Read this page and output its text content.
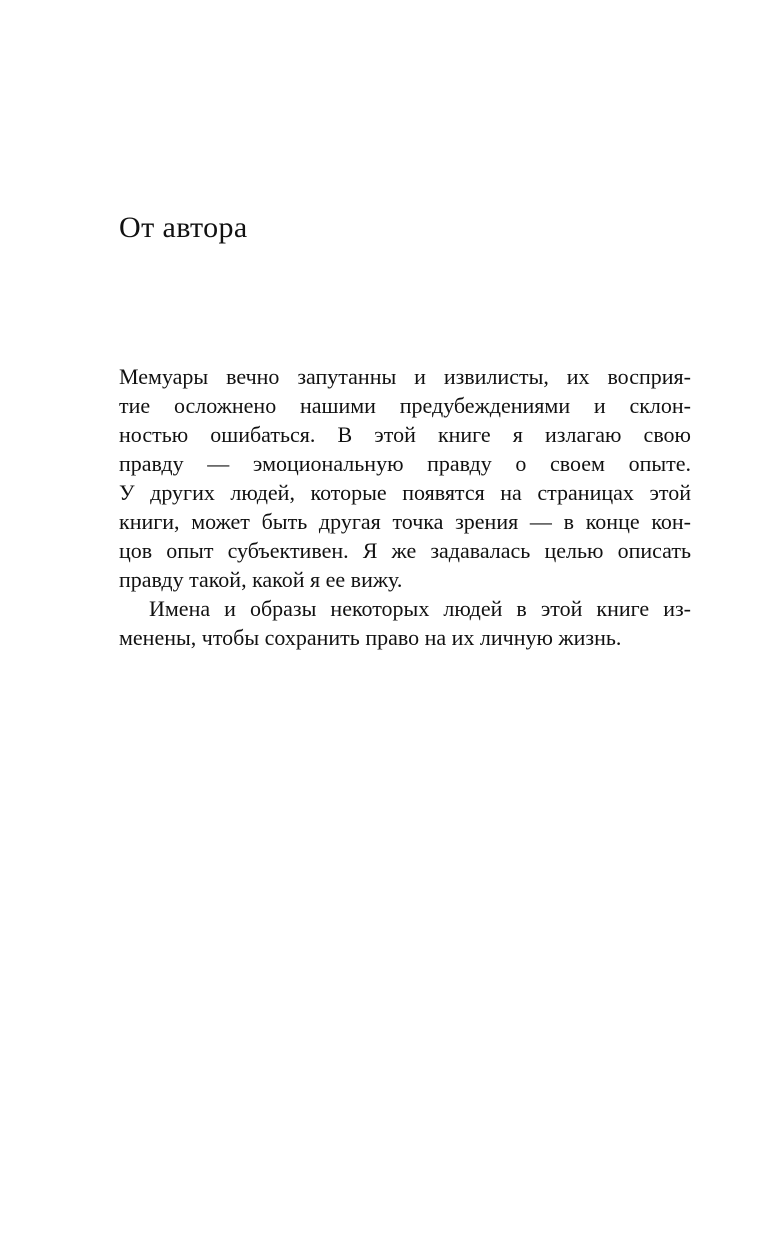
От автора
Мемуары вечно запутанны и извилисты, их восприя-
тие осложнено нашими предубеждениями и склон-
ностью ошибаться. В этой книге я излагаю свою
правду — эмоциональную правду о своем опыте.
У других людей, которые появятся на страницах этой
книги, может быть другая точка зрения — в конце кон-
цов опыт субъективен. Я же задавалась целью описать
правду такой, какой я ее вижу.
Имена и образы некоторых людей в этой книге из-
менены, чтобы сохранить право на их личную жизнь.
